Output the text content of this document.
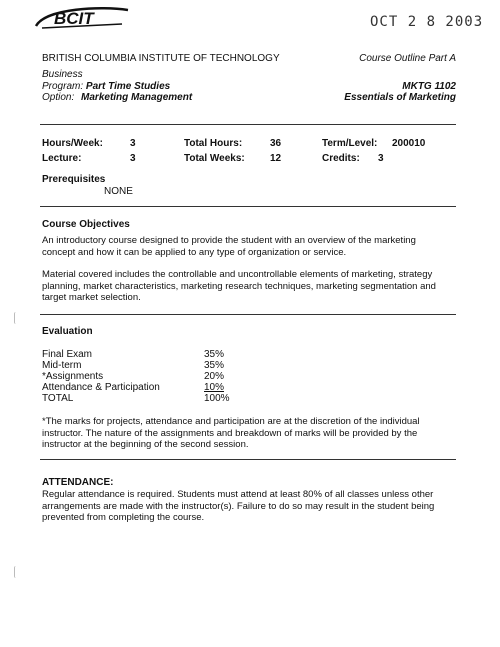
BCIT	OCT 2 8 2003
BRITISH COLUMBIA INSTITUTE OF TECHNOLOGY	Course Outline Part A
Business
Program: Part Time Studies	MKTG 1102
Option: Marketing Management	Essentials of Marketing
Hours/Week:	3	Total Hours:	36	Term/Level: 200010
Lecture:	3	Total Weeks:	12	Credits: 3
Prerequisites
NONE
Course Objectives
An introductory course designed to provide the student with an overview of the marketing
concept and how it can be applied to any type of organization or service.
Material covered includes the controllable and uncontrollable elements of marketing, strategy
planning, market characteristics, marketing research techniques, marketing segmentation and
target market selection.
Evaluation
Final Exam	35%
Mid-term	35%
*Assignments	20%
Attendance & Participation	10%
TOTAL	100%
*The marks for projects, attendance and participation are at the discretion of the individual
instructor. The nature of the assignments and breakdown of marks will be provided by the
instructor at the beginning of the second session.
ATTENDANCE:
Regular attendance is required. Students must attend at least 80% of all classes unless other
arrangements are made with the instructor(s). Failure to do so may result in the student being
prevented from completing the course.
